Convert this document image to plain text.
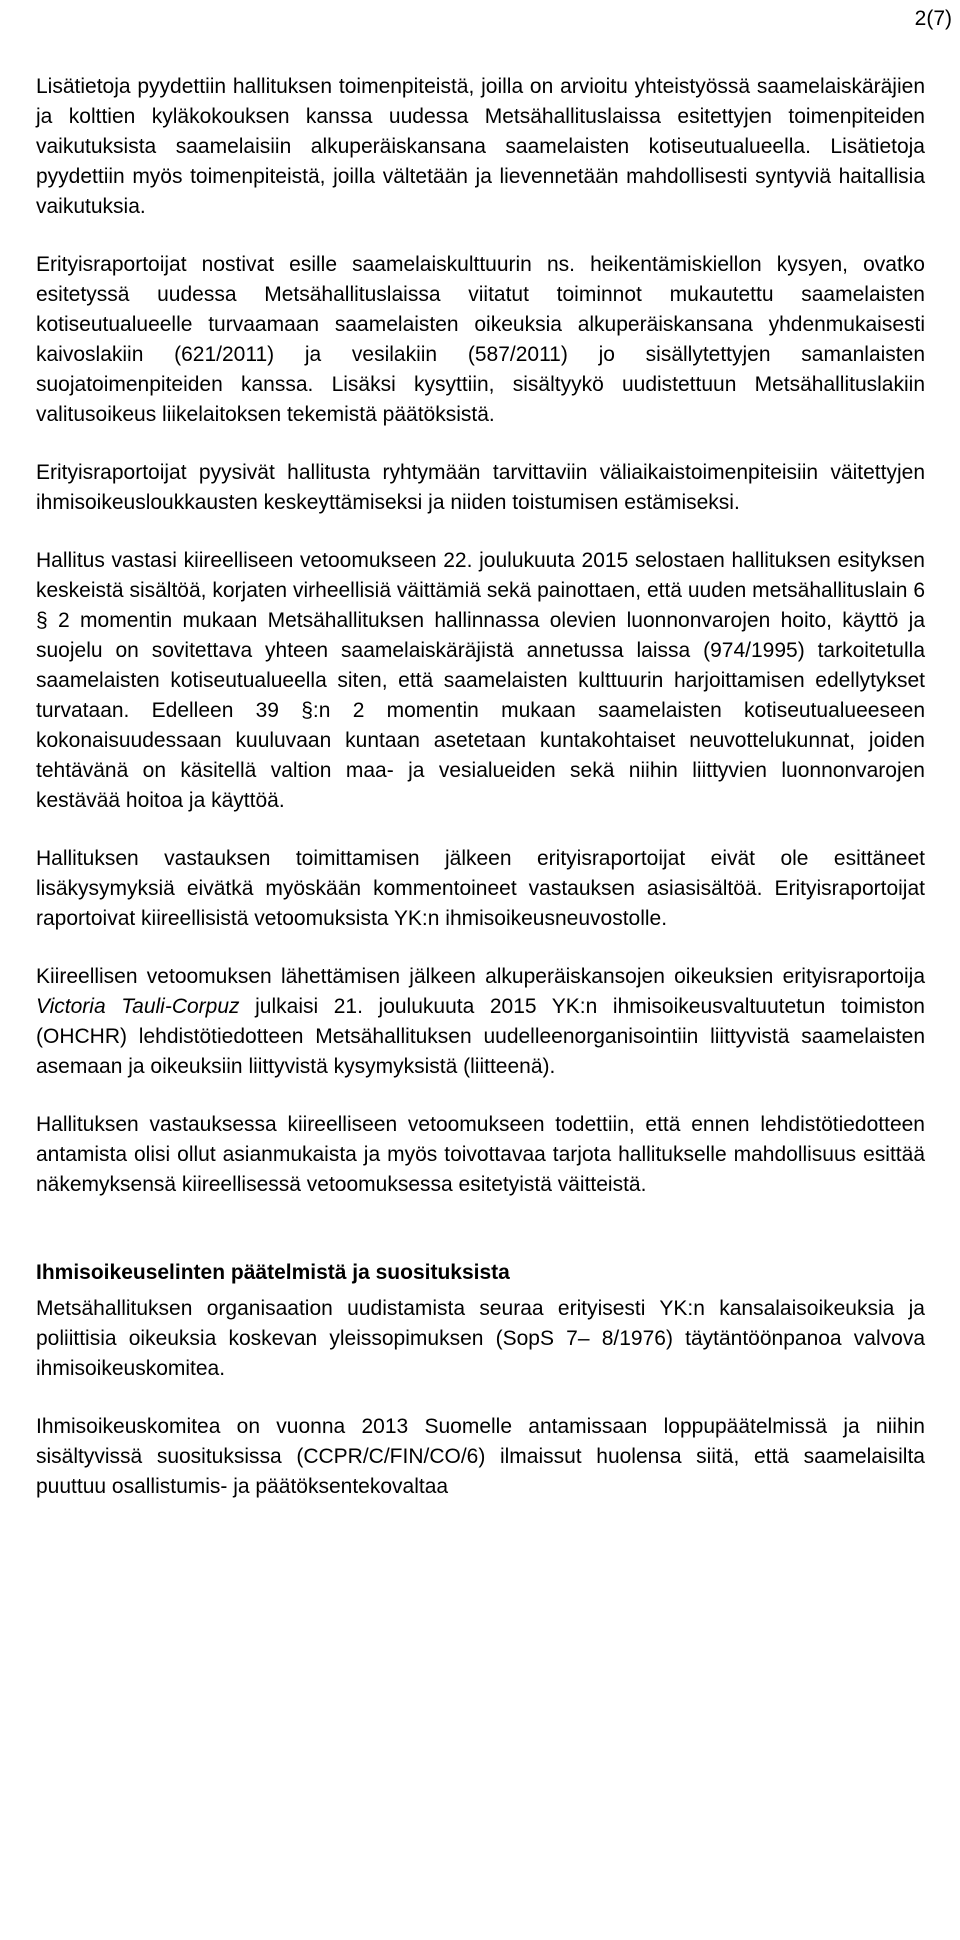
2(7)

Lisätietoja pyydettiin hallituksen toimenpiteistä, joilla on arvioitu yhteistyössä saamelaiskäräjien ja kolttien kyläkokouksen kanssa uudessa Metsähallituslaissa esitettyjen toimenpiteiden vaikutuksista saamelaisiin alkuperäiskansana saamelaisten kotiseutualueella. Lisätietoja pyydettiin myös toimenpiteistä, joilla vältetään ja lievennetään mahdollisesti syntyviä haitallisia vaikutuksia.

Erityisraportoijat nostivat esille saamelaiskulttuurin ns. heikentämiskiellon kysyen, ovatko esitetyssä uudessa Metsähallituslaissa viitatut toiminnot mukautettu saamelaisten kotiseutualueelle turvaamaan saamelaisten oikeuksia alkuperäiskansana yhdenmukaisesti kaivoslakiin (621/2011) ja vesilakiin (587/2011) jo sisällytettyjen samanlaisten suojatoimenpiteiden kanssa. Lisäksi kysyttiin, sisältyykö uudistettuun Metsähallituslakiin valitusoikeus liikelaitoksen tekemistä päätöksistä.

Erityisraportoijat pyysivät hallitusta ryhtymään tarvittaviin väliaikaistoimenpiteisiin väitettyjen ihmisoikeusloukkausten keskeyttämiseksi ja niiden toistumisen estämiseksi.

Hallitus vastasi kiireelliseen vetoomukseen 22. joulukuuta 2015 selostaen hallituksen esityksen keskeistä sisältöä, korjaten virheellisiä väittämiä sekä painottaen, että uuden metsähallituslain 6 § 2 momentin mukaan Metsähallituksen hallinnassa olevien luonnonvarojen hoito, käyttö ja suojelu on sovitettava yhteen saamelaiskäräjistä annetussa laissa (974/1995) tarkoitetulla saamelaisten kotiseutualueella siten, että saamelaisten kulttuurin harjoittamisen edellytykset turvataan. Edelleen 39 §:n 2 momentin mukaan saamelaisten kotiseutualueeseen kokonaisuudessaan kuuluvaan kuntaan asetetaan kuntakohtaiset neuvottelukunnat, joiden tehtävänä on käsitellä valtion maa- ja vesialueiden sekä niihin liittyvien luonnonvarojen kestävää hoitoa ja käyttöä.

Hallituksen vastauksen toimittamisen jälkeen erityisraportoijat eivät ole esittäneet lisäkysymyksiä eivätkä myöskään kommentoineet vastauksen asiasisältöä. Erityisraportoijat raportoivat kiireellisistä vetoomuksista YK:n ihmisoikeusneuvostolle.

Kiireellisen vetoomuksen lähettämisen jälkeen alkuperäiskansojen oikeuksien erityisraportoija Victoria Tauli-Corpuz julkaisi 21. joulukuuta 2015 YK:n ihmisoikeusvaltuutetun toimiston (OHCHR) lehdistötiedotteen Metsähallituksen uudelleenorganisointiin liittyvistä saamelaisten asemaan ja oikeuksiin liittyvistä kysymyksistä (liitteenä).

Hallituksen vastauksessa kiireelliseen vetoomukseen todettiin, että ennen lehdistötiedotteen antamista olisi ollut asianmukaista ja myös toivottavaa tarjota hallitukselle mahdollisuus esittää näkemyksensä kiireellisessä vetoomuksessa esitetyistä väitteistä.

Ihmisoikeuselinten päätelmistä ja suosituksista

Metsähallituksen organisaation uudistamista seuraa erityisesti YK:n kansalaisoikeuksia ja poliittisia oikeuksia koskevan yleissopimuksen (SopS 7– 8/1976) täytäntöönpanoa valvova ihmisoikeuskomitea.

Ihmisoikeuskomitea on vuonna 2013 Suomelle antamissaan loppupäätelmissä ja niihin sisältyvissä suosituksissa (CCPR/C/FIN/CO/6) ilmaissut huolensa siitä, että saamelaisilta puuttuu osallistumis- ja päätöksentekovaltaa
